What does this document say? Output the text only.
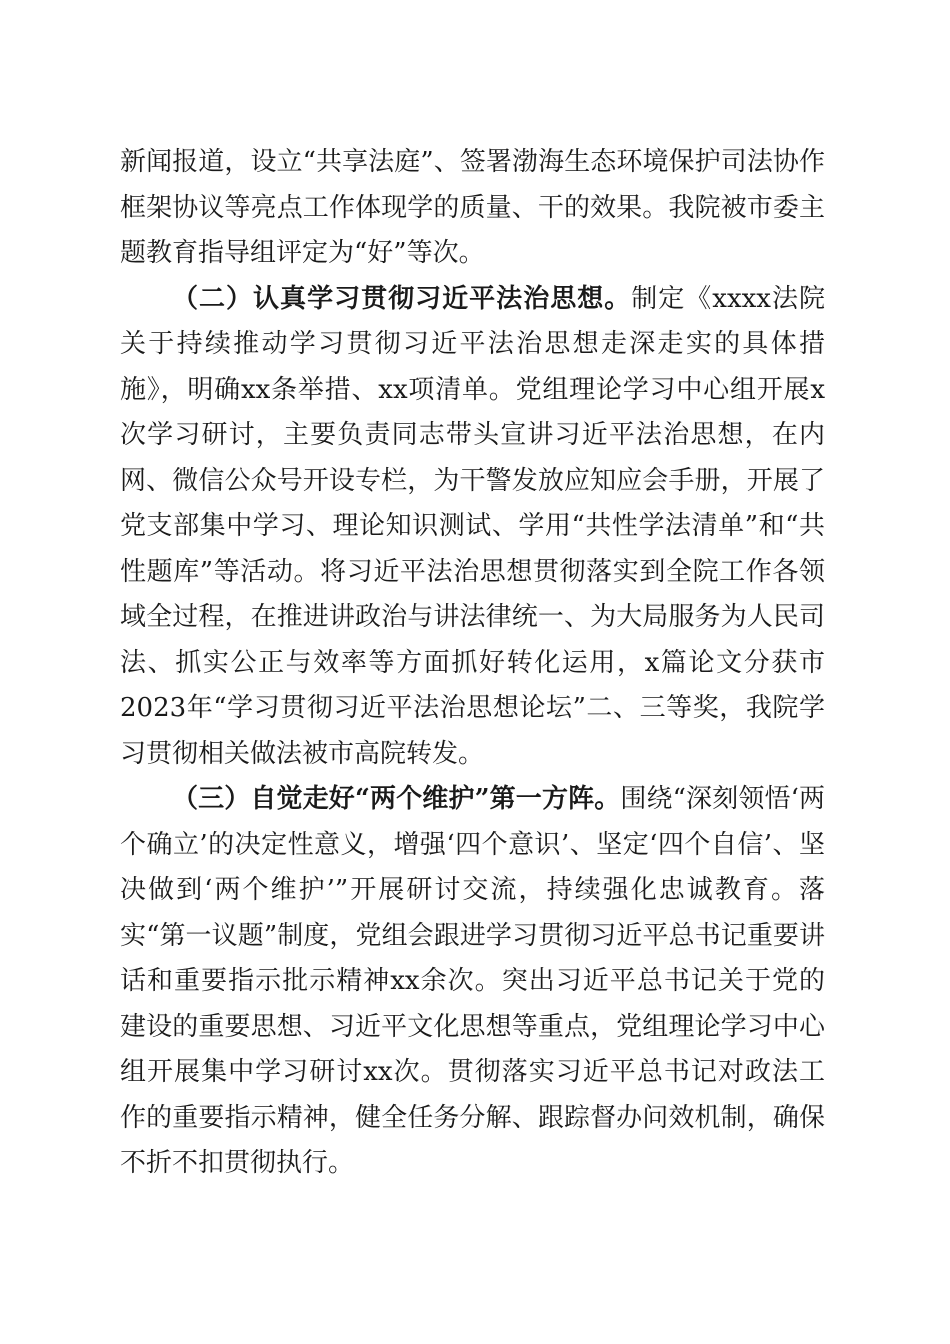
新闻报道，设立“共享法庭”、签署渤海生态环境保护司法协作框架协议等亮点工作体现学的质量、干的效果。我院被市委主题教育指导组评定为“好”等次。

（二）认真学习贯彻习近平法治思想。制定《xxxx法院关于持续推动学习贯彻习近平法治思想走深走实的具体措施》，明确xx条举措、xx项清单。党组理论学习中心组开展x次学习研讨，主要负责同志带头宣讲习近平法治思想，在内网、微信公众号开设专栏，为干警发放应知应会手册，开展了党支部集中学习、理论知识测试、学用“共性学法清单”和“共性题库”等活动。将习近平法治思想贯彻落实到全院工作各领域全过程，在推进讲政治与讲法律统一、为大局服务为人民司法、抓实公正与效率等方面抓好转化运用，x篇论文分获市2023年“学习贯彻习近平法治思想论坛”二、三等奖，我院学习贯彻相关做法被市高院转发。

（三）自觉走好“两个维护”第一方阵。围绕“深刻领悟‘两个确立’的决定性意义，增强‘四个意识’、坚定‘四个自信’、坚决做到‘两个维护’”开展研讨交流，持续强化忠诚教育。落实“第一议题”制度，党组会跟进学习贯彻习近平总书记重要讲话和重要指示批示精神xx余次。突出习近平总书记关于党的建设的重要思想、习近平文化思想等重点，党组理论学习中心组开展集中学习研讨xx次。贯彻落实习近平总书记对政法工作的重要指示精神，健全任务分解、跟踪督办问效机制，确保不折不扣贯彻执行。
